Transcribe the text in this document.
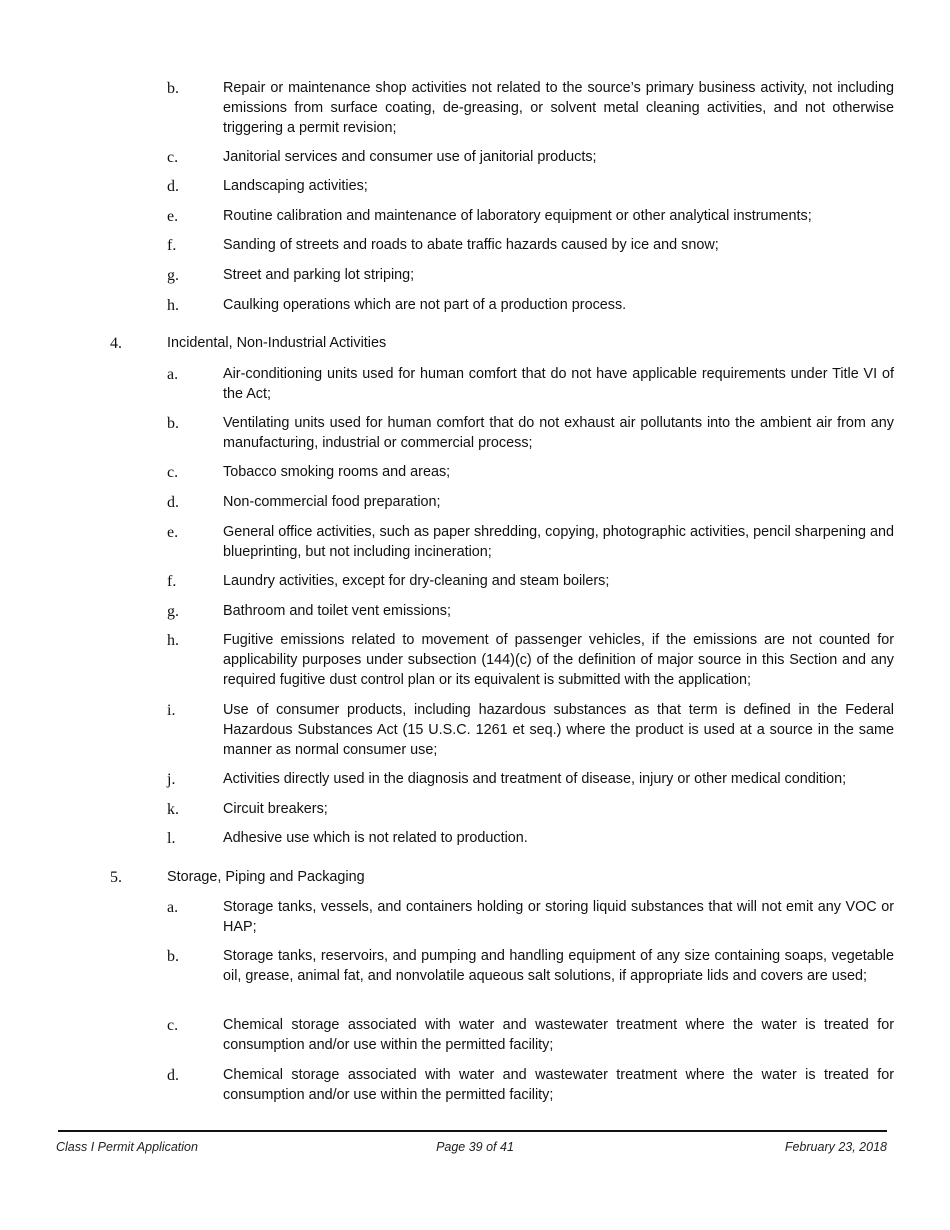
b.	Repair or maintenance shop activities not related to the source’s primary business activity, not including emissions from surface coating, de-greasing, or solvent metal cleaning activities, and not otherwise triggering a permit revision;
c.	Janitorial services and consumer use of janitorial products;
d.	Landscaping activities;
e.	Routine calibration and maintenance of laboratory equipment or other analytical instruments;
f.	Sanding of streets and roads to abate traffic hazards caused by ice and snow;
g.	Street and parking lot striping;
h.	Caulking operations which are not part of a production process.
4.	Incidental, Non-Industrial Activities
a.	Air-conditioning units used for human comfort that do not have applicable requirements under Title VI of the Act;
b.	Ventilating units used for human comfort that do not exhaust air pollutants into the ambient air from any manufacturing, industrial or commercial process;
c.	Tobacco smoking rooms and areas;
d.	Non-commercial food preparation;
e.	General office activities, such as paper shredding, copying, photographic activities, pencil sharpening and blueprinting, but not including incineration;
f.	Laundry activities, except for dry-cleaning and steam boilers;
g.	Bathroom and toilet vent emissions;
h.	Fugitive emissions related to movement of passenger vehicles, if the emissions are not counted for applicability purposes under subsection (144)(c) of the definition of major source in this Section and any required fugitive dust control plan or its equivalent is submitted with the application;
i.	Use of consumer products, including hazardous substances as that term is defined in the Federal Hazardous Substances Act (15 U.S.C. 1261 et seq.) where the product is used at a source in the same manner as normal consumer use;
j.	Activities directly used in the diagnosis and treatment of disease, injury or other medical condition;
k.	Circuit breakers;
l.	Adhesive use which is not related to production.
5.	Storage, Piping and Packaging
a.	Storage tanks, vessels, and containers holding or storing liquid substances that will not emit any VOC or HAP;
b.	Storage tanks, reservoirs, and pumping and handling equipment of any size containing soaps, vegetable oil, grease, animal fat, and nonvolatile aqueous salt solutions, if appropriate lids and covers are used;
c.	Chemical storage associated with water and wastewater treatment where the water is treated for consumption and/or use within the permitted facility;
d.	Chemical storage associated with water and wastewater treatment where the water is treated for consumption and/or use within the permitted facility;
Class I Permit Application	Page 39 of 41	February 23, 2018
